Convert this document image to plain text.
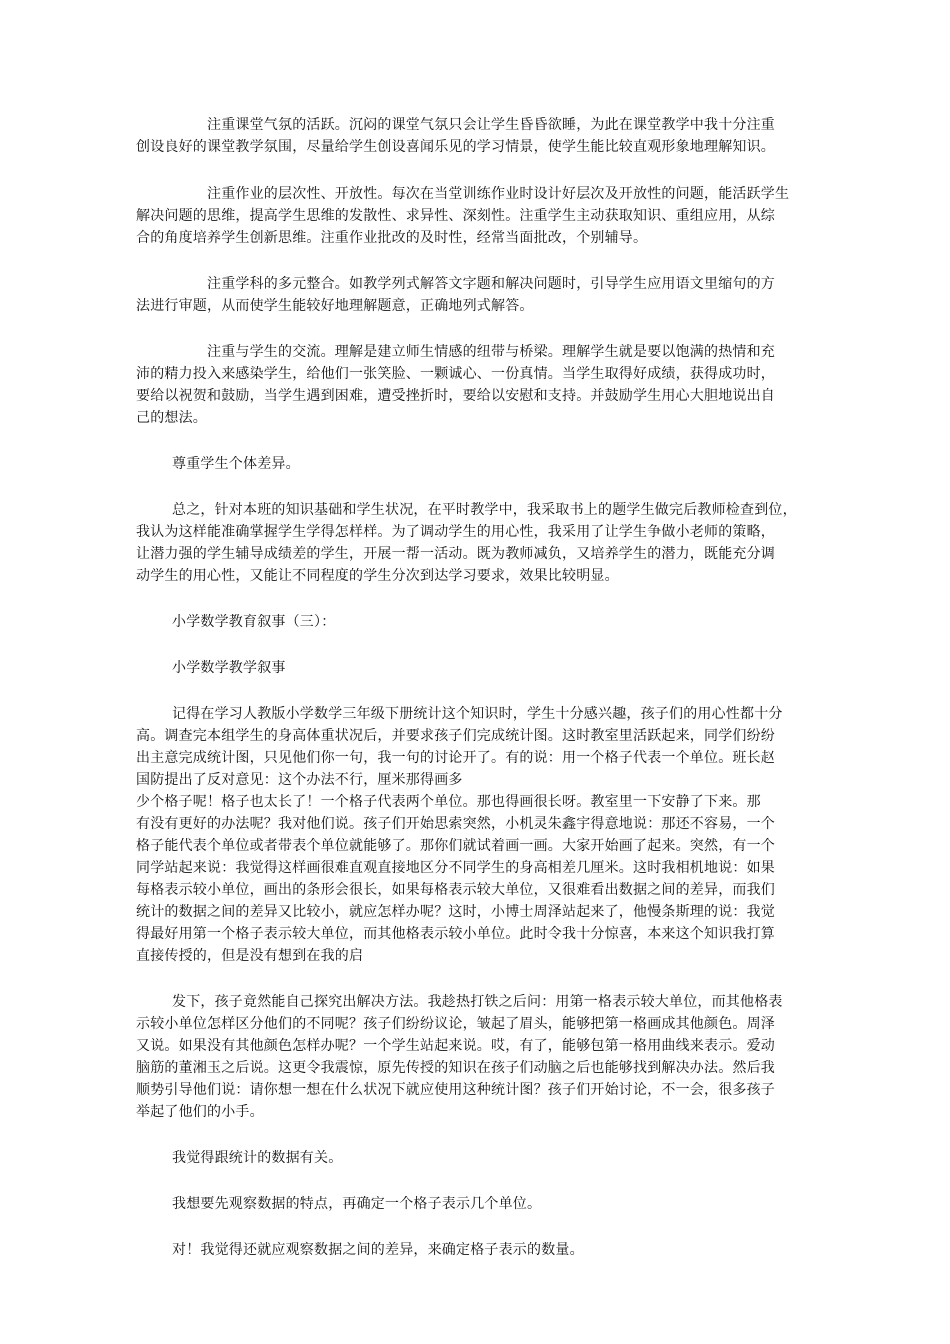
注重课堂气氛的活跃。沉闷的课堂气氛只会让学生昏昏欲睡，为此在课堂教学中我十分注重
创设良好的课堂教学氛围，尽量给学生创设喜闻乐见的学习情景，使学生能比较直观形象地理解知识。
注重作业的层次性、开放性。每次在当堂训练作业时设计好层次及开放性的问题，能活跃学生
解决问题的思维，提高学生思维的发散性、求异性、深刻性。注重学生主动获取知识、重组应用，从综
合的角度培养学生创新思维。注重作业批改的及时性，经常当面批改，个别辅导。
注重学科的多元整合。如教学列式解答文字题和解决问题时，引导学生应用语文里缩句的方
法进行审题，从而使学生能较好地理解题意，正确地列式解答。
注重与学生的交流。理解是建立师生情感的纽带与桥梁。理解学生就是要以饱满的热情和充
沛的精力投入来感染学生，给他们一张笑脸、一颗诚心、一份真情。当学生取得好成绩，获得成功时，
要给以祝贺和鼓励，当学生遇到困难，遭受挫折时，要给以安慰和支持。并鼓励学生用心大胆地说出自
己的想法。
尊重学生个体差异。
总之，针对本班的知识基础和学生状况，在平时教学中，我采取书上的题学生做完后教师检查到位，
我认为这样能准确掌握学生学得怎样样。为了调动学生的用心性，我采用了让学生争做小老师的策略，
让潜力强的学生辅导成绩差的学生，开展一帮一活动。既为教师减负，又培养学生的潜力，既能充分调
动学生的用心性，又能让不同程度的学生分次到达学习要求，效果比较明显。
小学数学教育叙事（三）：
小学数学教学叙事
记得在学习人教版小学数学三年级下册统计这个知识时，学生十分感兴趣，孩子们的用心性都十分
高。调查完本组学生的身高体重状况后，并要求孩子们完成统计图。这时教室里活跃起来，同学们纷纷
出主意完成统计图，只见他们你一句，我一句的讨论开了。有的说：用一个格子代表一个单位。班长赵
国防提出了反对意见：这个办法不行，厘米那得画多
少个格子呢！格子也太长了！一个格子代表两个单位。那也得画很长呀。教室里一下安静了下来。那
有没有更好的办法呢？我对他们说。孩子们开始思索突然，小机灵朱鑫宇得意地说：那还不容易，一个
格子能代表个单位或者带表个单位就能够了。那你们就试着画一画。大家开始画了起来。突然，有一个
同学站起来说：我觉得这样画很难直观直接地区分不同学生的身高相差几厘米。这时我相机地说：如果
每格表示较小单位，画出的条形会很长，如果每格表示较大单位，又很难看出数据之间的差异，而我们
统计的数据之间的差异又比较小，就应怎样办呢？这时，小博士周泽站起来了，他慢条斯理的说：我觉
得最好用第一个格子表示较大单位，而其他格表示较小单位。此时令我十分惊喜，本来这个知识我打算
直接传授的，但是没有想到在我的启
发下，孩子竟然能自己探究出解决方法。我趁热打铁之后问：用第一格表示较大单位，而其他格表
示较小单位怎样区分他们的不同呢？孩子们纷纷议论，皱起了眉头，能够把第一格画成其他颜色。周泽
又说。如果没有其他颜色怎样办呢？一个学生站起来说。哎，有了，能够包第一格用曲线来表示。爱动
脑筋的董湘玉之后说。这更令我震惊，原先传授的知识在孩子们动脑之后也能够找到解决办法。然后我
顺势引导他们说：请你想一想在什么状况下就应使用这种统计图？孩子们开始讨论，不一会，很多孩子
举起了他们的小手。
我觉得跟统计的数据有关。
我想要先观察数据的特点，再确定一个格子表示几个单位。
对！我觉得还就应观察数据之间的差异，来确定格子表示的数量。
